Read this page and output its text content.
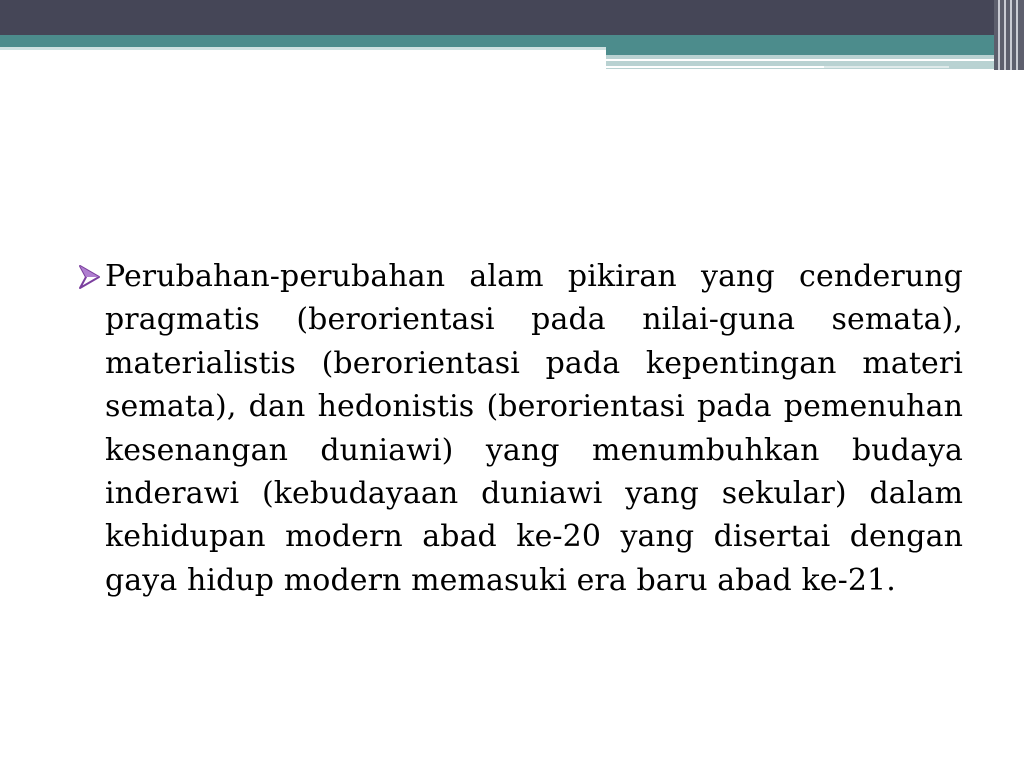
Perubahan-perubahan alam pikiran yang cenderung pragmatis (berorientasi pada nilai-guna semata), materialistis (berorientasi pada kepentingan materi semata), dan hedonistis (berorientasi pada pemenuhan kesenangan duniawi) yang menumbuhkan budaya inderawi (kebudayaan duniawi yang sekular) dalam kehidupan modern abad ke-20 yang disertai dengan gaya hidup modern memasuki era baru abad ke-21.
